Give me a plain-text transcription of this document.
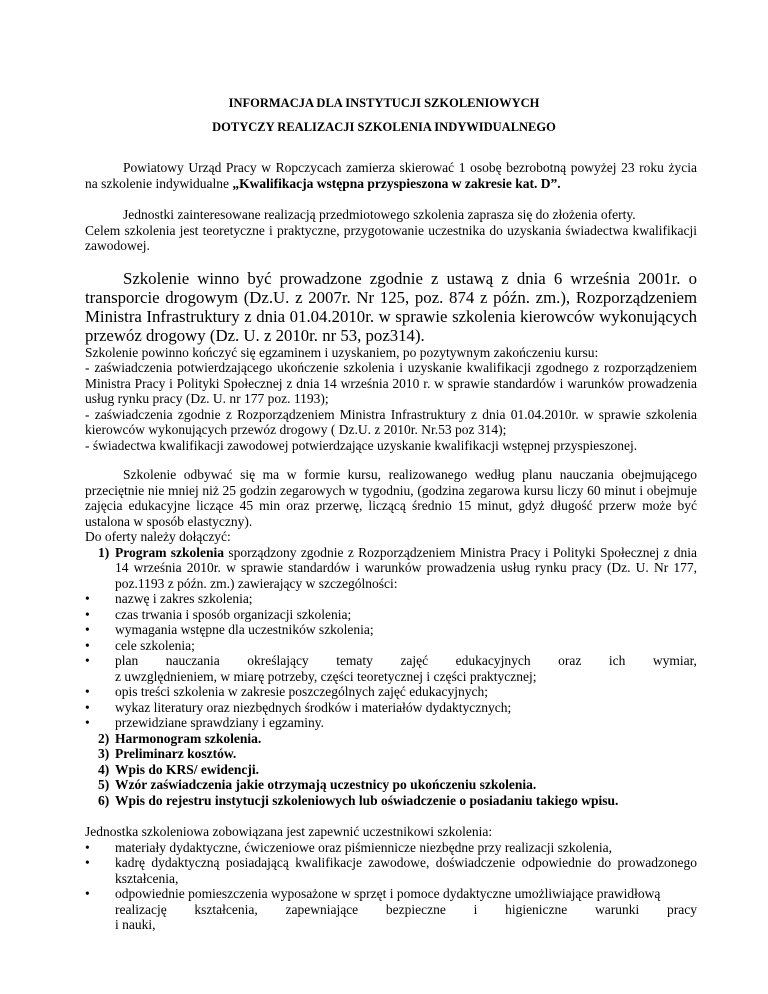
INFORMACJA DLA INSTYTUCJI SZKOLENIOWYCH
DOTYCZY REALIZACJI SZKOLENIA INDYWIDUALNEGO

Powiatowy Urząd Pracy w Ropczycach zamierza skierować 1 osobę bezrobotną powyżej 23 roku życia na szkolenie indywidualne „Kwalifikacja wstępna przyspieszona w zakresie kat. D”.

Jednostki zainteresowane realizacją przedmiotowego szkolenia zaprasza się do złożenia oferty.

Celem szkolenia jest teoretyczne i praktyczne, przygotowanie uczestnika do uzyskania świadectwa kwalifikacji zawodowej.

Szkolenie winno być prowadzone zgodnie z ustawą z dnia 6 września 2001r. o transporcie drogowym (Dz.U. z 2007r. Nr 125, poz. 874 z późn. zm.), Rozporządzeniem Ministra Infrastruktury z dnia 01.04.2010r. w sprawie szkolenia kierowców wykonujących przewóz drogowy (Dz. U. z 2010r. nr 53, poz314).

Szkolenie powinno kończyć się egzaminem i uzyskaniem, po pozytywnym zakończeniu kursu:

- zaświadczenia potwierdzającego ukończenie szkolenia i uzyskanie kwalifikacji zgodnego z rozporządzeniem Ministra Pracy i Polityki Społecznej z dnia 14 września 2010 r. w sprawie standardów i warunków prowadzenia usług rynku pracy (Dz. U. nr 177 poz. 1193);

- zaświadczenia zgodnie z Rozporządzeniem Ministra Infrastruktury z dnia 01.04.2010r. w sprawie szkolenia kierowców wykonujących przewóz drogowy ( Dz.U. z 2010r. Nr.53 poz 314);

- świadectwa kwalifikacji zawodowej potwierdzające uzyskanie kwalifikacji wstępnej przyspieszonej.

Szkolenie odbywać się ma w formie kursu, realizowanego według planu nauczania obejmującego przeciętnie nie mniej niż 25 godzin zegarowych w tygodniu, (godzina zegarowa kursu liczy 60 minut i obejmuje zajęcia edukacyjne liczące 45 min oraz przerwę, liczącą średnio 15 minut, gdyż długość przerw może być ustalona w sposób elastyczny).

Do oferty należy dołączyć:

1) Program szkolenia sporządzony zgodnie z Rozporządzeniem Ministra Pracy i Polityki Społecznej z dnia 14 września 2010r. w sprawie standardów i warunków prowadzenia usług rynku pracy (Dz. U. Nr 177, poz.1193 z późn. zm.) zawierający w szczególności:
• nazwę i zakres szkolenia;
• czas trwania i sposób organizacji szkolenia;
• wymagania wstępne dla uczestników szkolenia;
• cele szkolenia;
• plan nauczania określający tematy zajęć edukacyjnych oraz ich wymiar,
z uwzględnieniem, w miarę potrzeby, części teoretycznej i części praktycznej;
• opis treści szkolenia w zakresie poszczególnych zajęć edukacyjnych;
• wykaz literatury oraz niezbędnych środków i materiałów dydaktycznych;
• przewidziane sprawdziany i egzaminy.
2) Harmonogram szkolenia.
3) Preliminarz kosztów.
4) Wpis do KRS/ ewidencji.
5) Wzór zaświadczenia jakie otrzymają uczestnicy po ukończeniu szkolenia.
6) Wpis do rejestru instytucji szkoleniowych lub oświadczenie o posiadaniu takiego wpisu.

Jednostka szkoleniowa zobowiązana jest zapewnić uczestnikowi szkolenia:

• materiały dydaktyczne, ćwiczeniowe oraz piśmiennicze niezbędne przy realizacji szkolenia,
• kadrę dydaktyczną posiadającą kwalifikacje zawodowe, doświadczenie odpowiednie do prowadzonego kształcenia,
• odpowiednie pomieszczenia wyposażone w sprzęt i pomoce dydaktyczne umożliwiające prawidłową
realizację kształcenia, zapewniające bezpieczne i higieniczne warunki pracy
i nauki,
